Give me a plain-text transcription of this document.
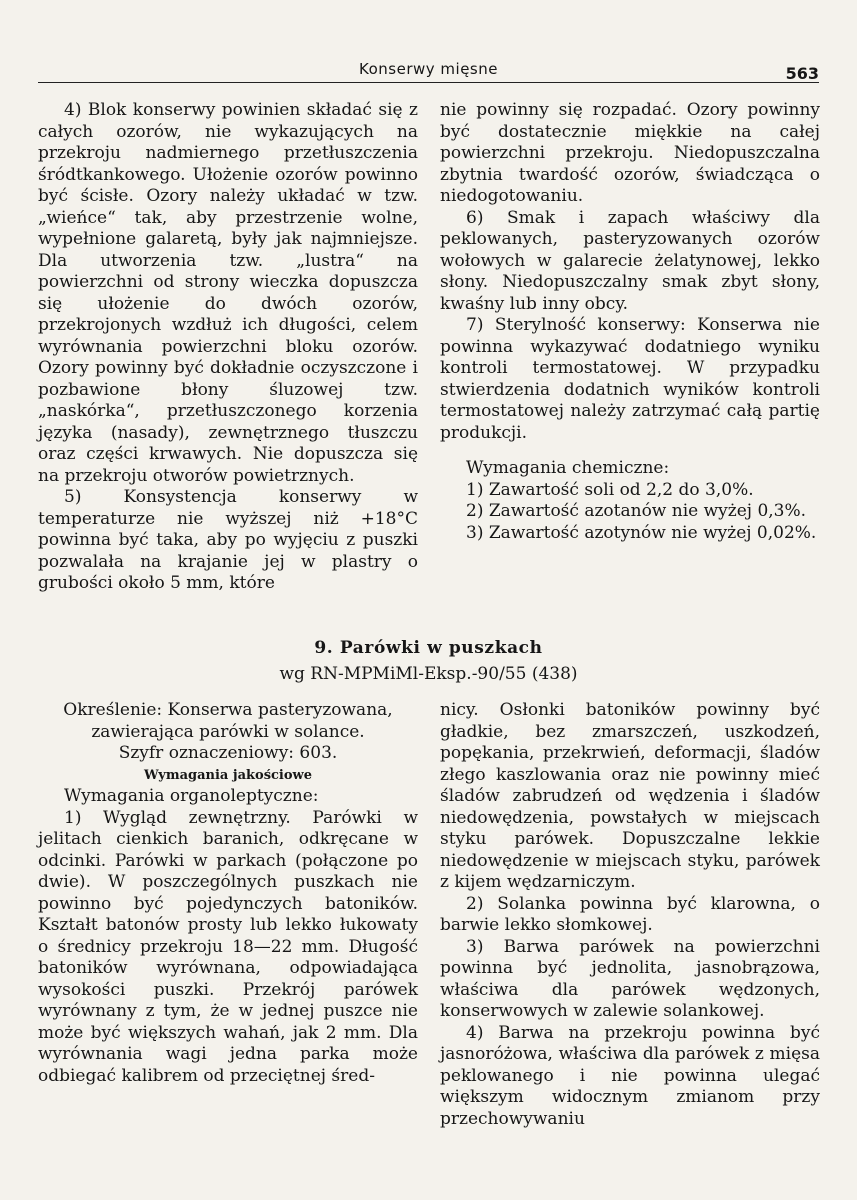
Konserwy mięsne	563

4) Blok konserwy powinien składać się z całych ozorów, nie wykazujących na przekroju nadmiernego przetłuszczenia śródtkankowego. Ułożenie ozorów powinno być ścisłe. Ozory należy układać w tzw. „wieńce“ tak, aby przestrzenie wolne, wypełnione galaretą, były jak najmniejsze. Dla utworzenia tzw. „lustra“ na powierzchni od strony wieczka dopuszcza się ułożenie do dwóch ozorów, przekrojonych wzdłuż ich długości, celem wyrównania powierzchni bloku ozorów. Ozory powinny być dokładnie oczyszczone i pozbawione błony śluzowej tzw. „naskórka“, przetłuszczonego korzenia języka (nasady), zewnętrznego tłuszczu oraz części krwawych. Nie dopuszcza się na przekroju otworów powietrznych.

5) Konsystencja konserwy w temperaturze nie wyższej niż +18°C powinna być taka, aby po wyjęciu z puszki pozwalała na krajanie jej w plastry o grubości około 5 mm, które

nie powinny się rozpadać. Ozory powinny być dostatecznie miękkie na całej powierzchni przekroju. Niedopuszczalna zbytnia twardość ozorów, świadcząca o niedogotowaniu.

6) Smak i zapach właściwy dla peklowanych, pasteryzowanych ozorów wołowych w galarecie żelatynowej, lekko słony. Niedopuszczalny smak zbyt słony, kwaśny lub inny obcy.

7) Sterylność konserwy: Konserwa nie powinna wykazywać dodatniego wyniku kontroli termostatowej. W przypadku stwierdzenia dodatnich wyników kontroli termostatowej należy zatrzymać całą partię produkcji.

Wymagania chemiczne:

1) Zawartość soli od 2,2 do 3,0%.

2) Zawartość azotanów nie wyżej 0,3%.

3) Zawartość azotynów nie wyżej 0,02%.

9. Parówki w puszkach
wg RN-MPMiMl-Eksp.-90/55 (438)

Określenie: Konserwa pasteryzowana, zawierająca parówki w solance.

Szyfr oznaczeniowy: 603.

Wymagania jakościowe

Wymagania organoleptyczne:

1) Wygląd zewnętrzny. Parówki w jelitach cienkich baranich, odkręcane w odcinki. Parówki w parkach (połączone po dwie). W poszczególnych puszkach nie powinno być pojedynczych batoników. Kształt batonów prosty lub lekko łukowaty o średnicy przekroju 18—22 mm. Długość batoników wyrównana, odpowiadająca wysokości puszki. Przekrój parówek wyrównany z tym, że w jednej puszce nie może być większych wahań, jak 2 mm. Dla wyrównania wagi jedna parka może odbiegać kalibrem od przeciętnej śred-

nicy. Osłonki batoników powinny być gładkie, bez zmarszczeń, uszkodzeń, popękania, przekrwień, deformacji, śladów złego kaszlowania oraz nie powinny mieć śladów zabrudzeń od wędzenia i śladów niedowędzenia, powstałych w miejscach styku parówek. Dopuszczalne lekkie niedowędzenie w miejscach styku, parówek z kijem wędzarniczym.

2) Solanka powinna być klarowna, o barwie lekko słomkowej.

3) Barwa parówek na powierzchni powinna być jednolita, jasnobrązowa, właściwa dla parówek wędzonych, konserwowych w zalewie solankowej.

4) Barwa na przekroju powinna być jasnoróżowa, właściwa dla parówek z mięsa peklowanego i nie powinna ulegać większym widocznym zmianom przy przechowywaniu
